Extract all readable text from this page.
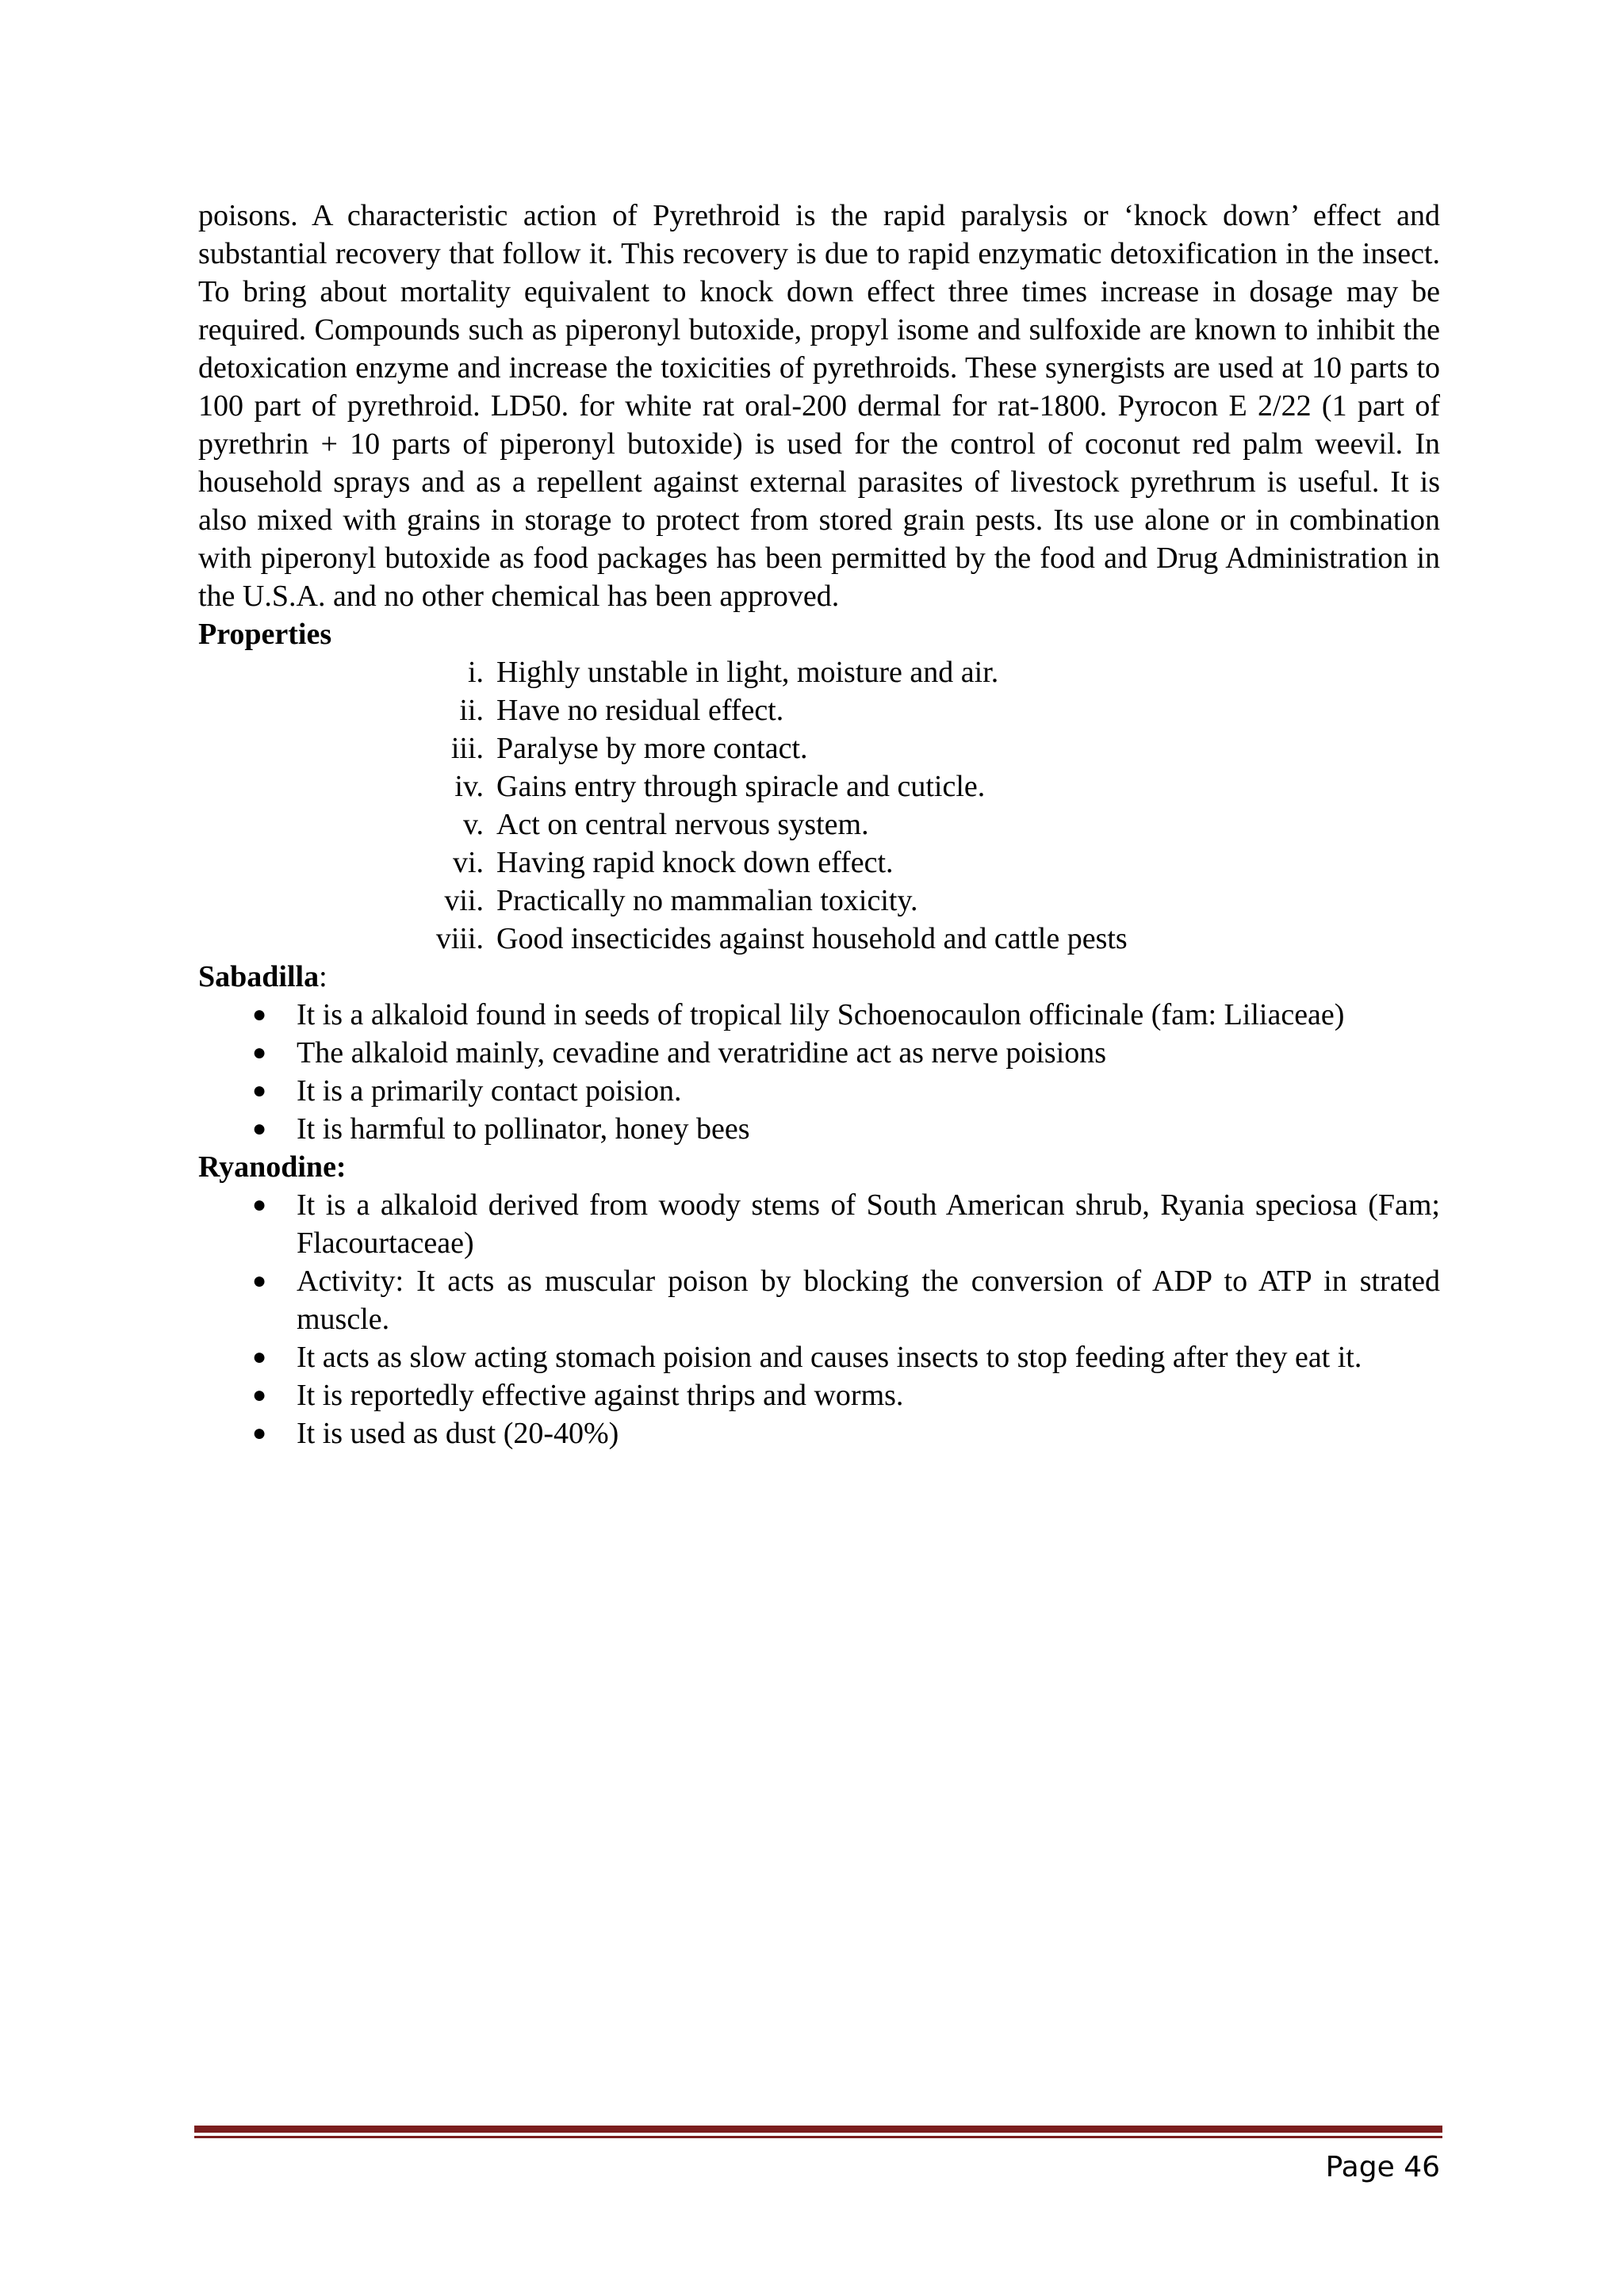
poisons. A characteristic action of Pyrethroid is the rapid paralysis or ‘knock down’ effect and substantial recovery that follow it. This recovery is due to rapid enzymatic detoxification in the insect. To bring about mortality equivalent to knock down effect three times increase in dosage may be required. Compounds such as piperonyl butoxide, propyl isome and sulfoxide are known to inhibit the detoxication enzyme and increase the toxicities of pyrethroids. These synergists are used at 10 parts to 100 part of pyrethroid. LD50. for white rat oral-200 dermal for rat-1800. Pyrocon E 2/22 (1 part of pyrethrin + 10 parts of piperonyl butoxide) is used for the control of coconut red palm weevil. In household sprays and as a repellent against external parasites of livestock pyrethrum is useful. It is also mixed with grains in storage to protect from stored grain pests. Its use alone or in combination with piperonyl butoxide as food packages has been permitted by the food and Drug Administration in the U.S.A. and no other chemical has been approved.

Properties
i. Highly unstable in light, moisture and air.
ii. Have no residual effect.
iii. Paralyse by more contact.
iv. Gains entry through spiracle and cuticle.
v. Act on central nervous system.
vi. Having rapid knock down effect.
vii. Practically no mammalian toxicity.
viii. Good insecticides against household and cattle pests
Sabadilla:
● It is a alkaloid found in seeds of tropical lily Schoenocaulon officinale (fam: Liliaceae)
● The alkaloid mainly, cevadine and veratridine act as nerve poisions
● It is a primarily contact poision.
● It is harmful to pollinator, honey bees
Ryanodine:
● It is a alkaloid derived from woody stems of South American shrub, Ryania speciosa (Fam; Flacourtaceae)
● Activity: It acts as muscular poison by blocking the conversion of ADP to ATP in strated muscle.
● It acts as slow acting stomach poision and causes insects to stop feeding after they eat it.
● It is reportedly effective against thrips and worms.
● It is used as dust (20-40%)
Page 46
